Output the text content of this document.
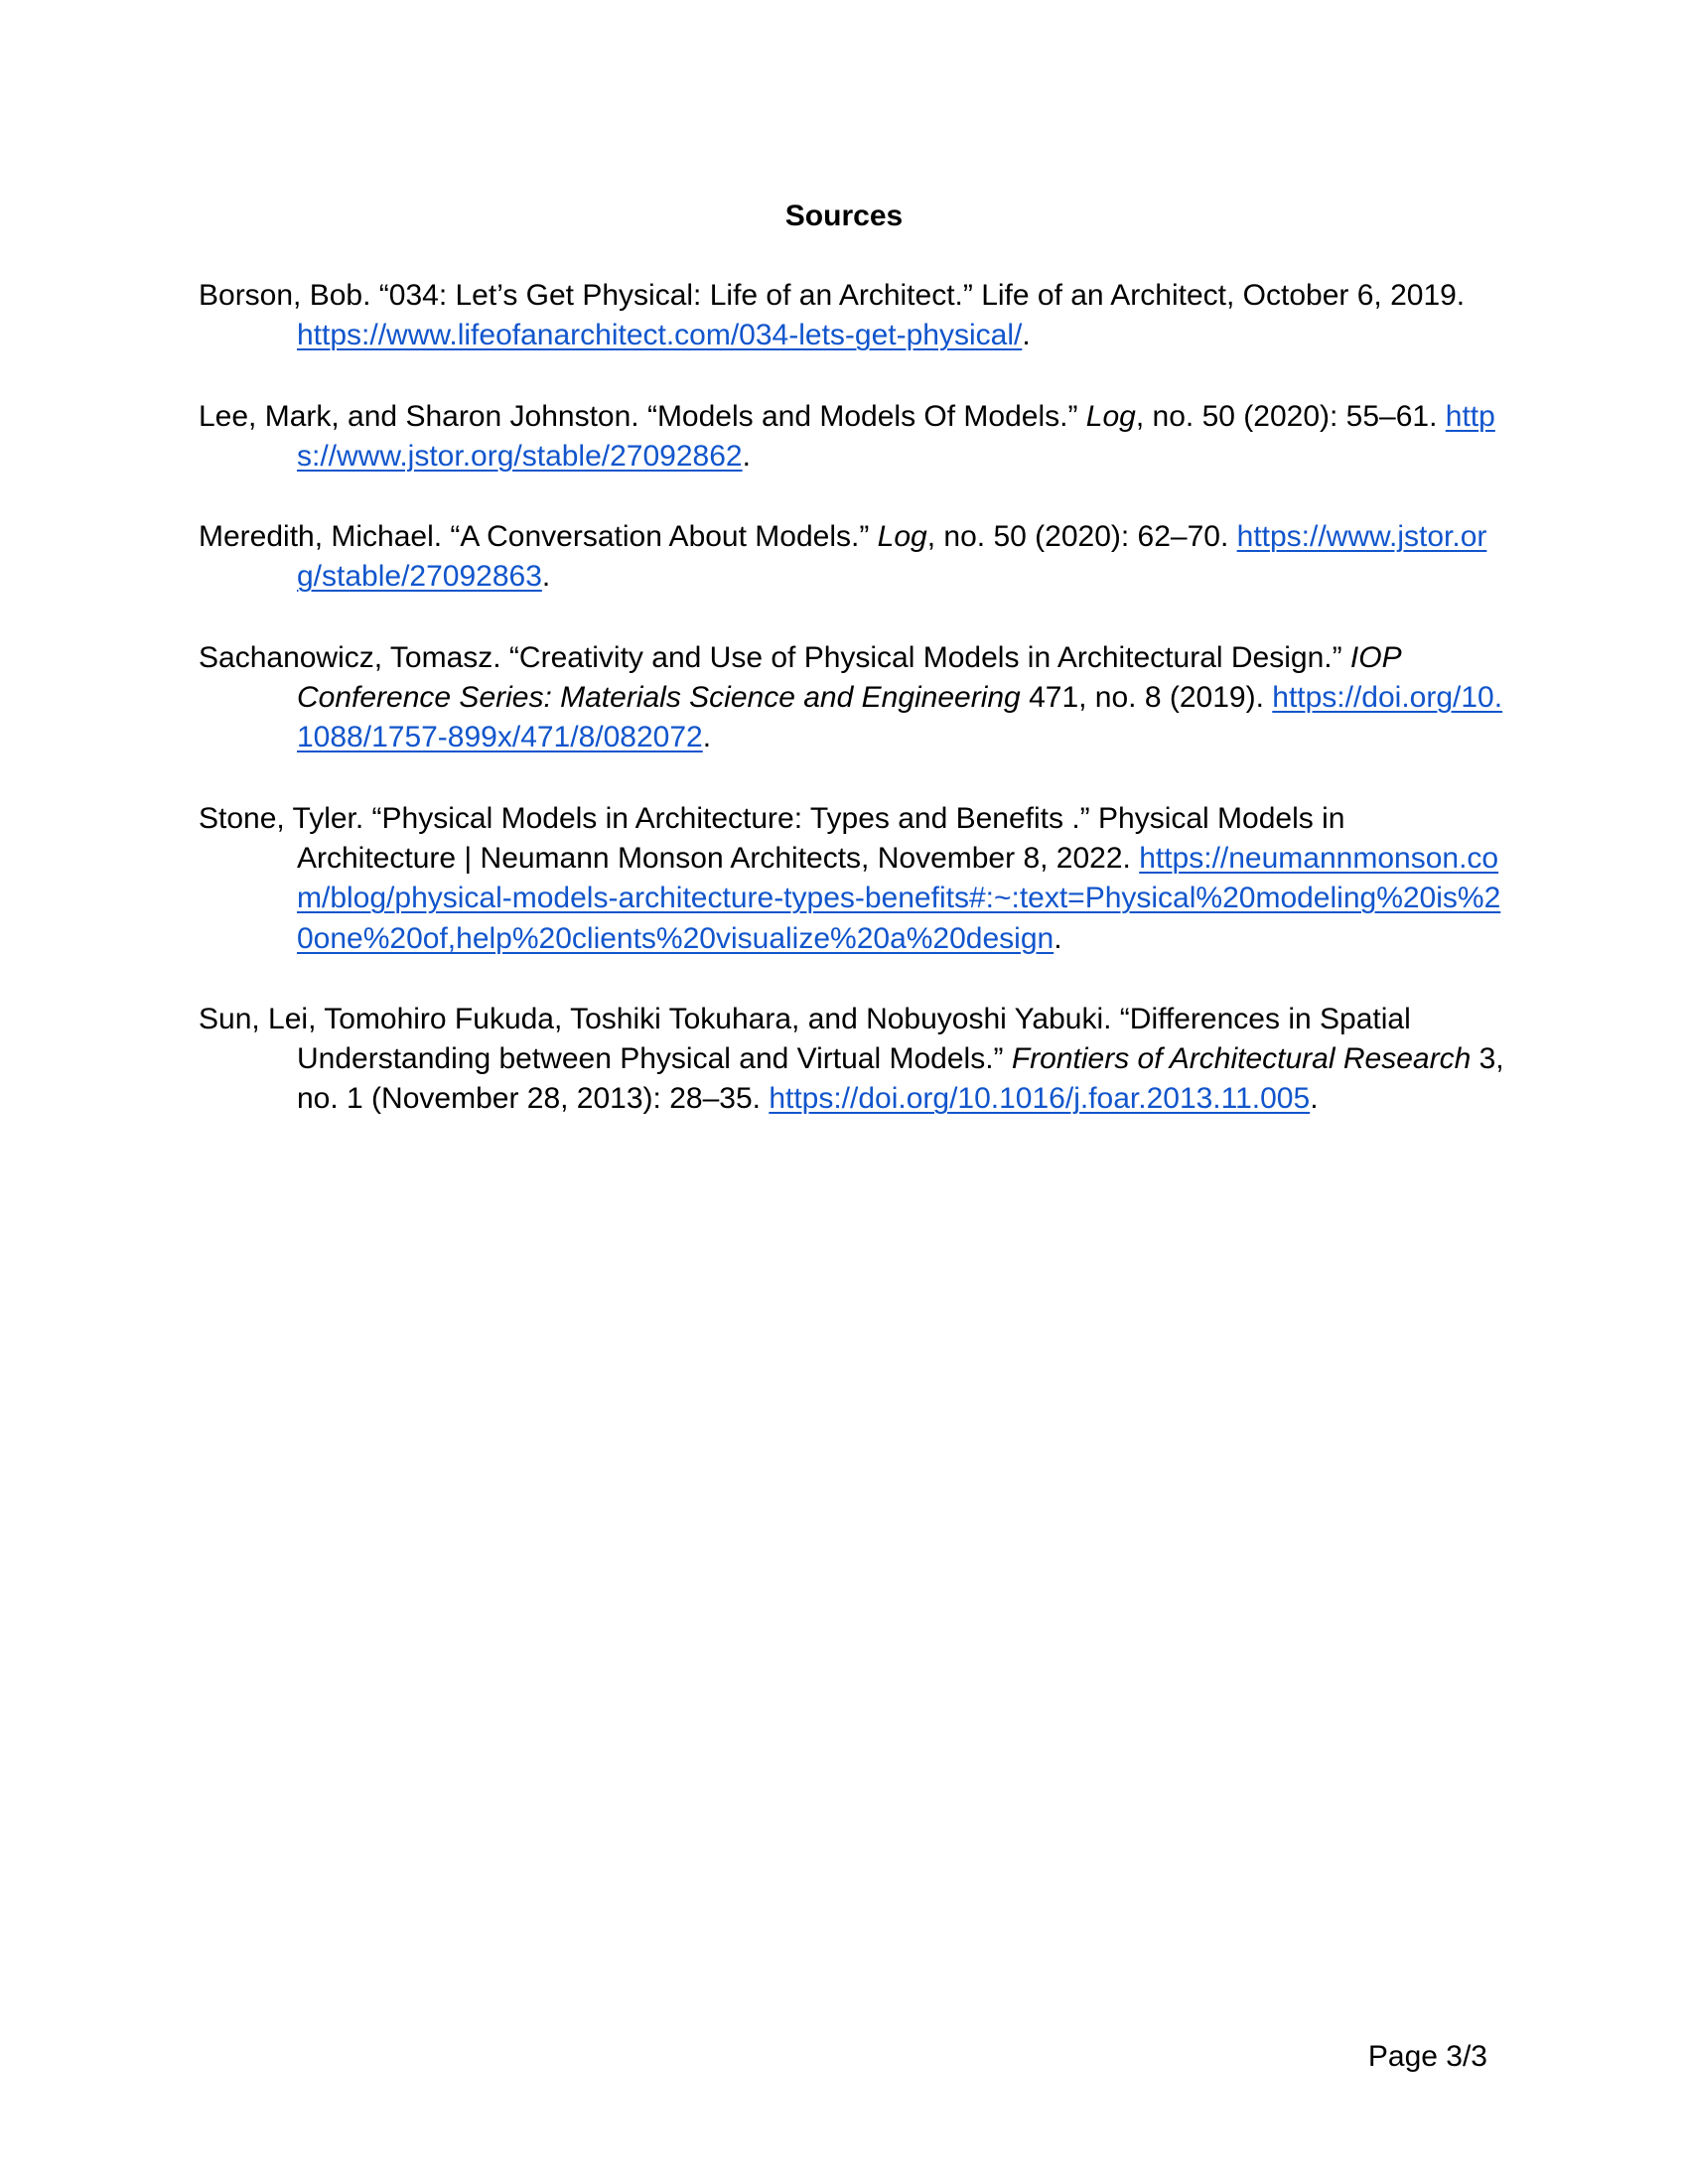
Sources

Borson, Bob. “034: Let’s Get Physical: Life of an Architect.” Life of an Architect, October 6, 2019.
https://www.lifeofanarchitect.com/034-lets-get-physical/.

Lee, Mark, and Sharon Johnston. “Models and Models Of Models.” Log, no. 50 (2020): 55–61. https://www.jstor.org/stable/27092862.

Meredith, Michael. “A Conversation About Models.” Log, no. 50 (2020): 62–70. https://www.jstor.org/stable/27092863.

Sachanowicz, Tomasz. “Creativity and Use of Physical Models in Architectural Design.” IOP Conference Series: Materials Science and Engineering 471, no. 8 (2019). https://doi.org/10.1088/1757-899x/471/8/082072.

Stone, Tyler. “Physical Models in Architecture: Types and Benefits .” Physical Models in Architecture | Neumann Monson Architects, November 8, 2022. https://neumannmonson.com/blog/physical-models-architecture-types-benefits#:~:text=Physical%20modeling%20is%20one%20of,help%20clients%20visualize%20a%20design.

Sun, Lei, Tomohiro Fukuda, Toshiki Tokuhara, and Nobuyoshi Yabuki. “Differences in Spatial Understanding between Physical and Virtual Models.” Frontiers of Architectural Research 3, no. 1 (November 28, 2013): 28–35. https://doi.org/10.1016/j.foar.2013.11.005.

Page 3/3
